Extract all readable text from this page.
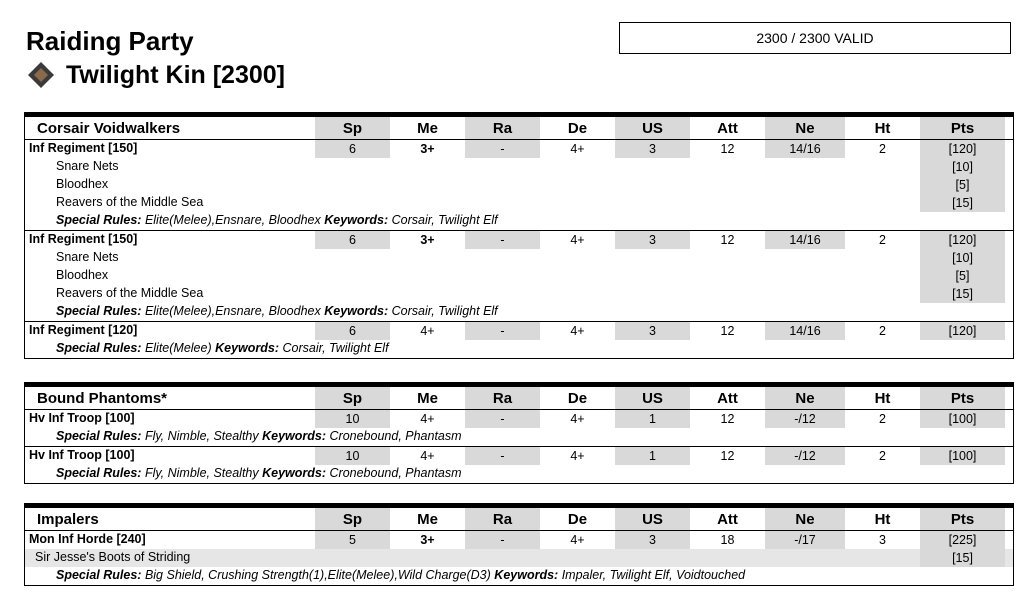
Raiding Party
Twilight Kin [2300]
2300 / 2300 VALID
Corsair Voidwalkers	Sp	Me	Ra	De	US	Att	Ne	Ht	Pts
Inf Regiment [150]	6	3+	-	4+	3	12	14/16	2	[120]
Snare Nets	[10]
Bloodhex	[5]
Reavers of the Middle Sea	[15]
Special Rules: Elite(Melee),Ensnare, Bloodhex Keywords: Corsair, Twilight Elf
Inf Regiment [150]	6	3+	-	4+	3	12	14/16	2	[120]
Snare Nets	[10]
Bloodhex	[5]
Reavers of the Middle Sea	[15]
Special Rules: Elite(Melee),Ensnare, Bloodhex Keywords: Corsair, Twilight Elf
Inf Regiment [120]	6	4+	-	4+	3	12	14/16	2	[120]
Special Rules: Elite(Melee) Keywords: Corsair, Twilight Elf
Bound Phantoms*	Sp	Me	Ra	De	US	Att	Ne	Ht	Pts
Hv Inf Troop [100]	10	4+	-	4+	1	12	-/12	2	[100]
Special Rules: Fly, Nimble, Stealthy Keywords: Cronebound, Phantasm
Hv Inf Troop [100]	10	4+	-	4+	1	12	-/12	2	[100]
Special Rules: Fly, Nimble, Stealthy Keywords: Cronebound, Phantasm
Impalers	Sp	Me	Ra	De	US	Att	Ne	Ht	Pts
Mon Inf Horde [240]	5	3+	-	4+	3	18	-/17	3	[225]
Sir Jesse's Boots of Striding	[15]
Special Rules: Big Shield, Crushing Strength(1),Elite(Melee),Wild Charge(D3) Keywords: Impaler, Twilight Elf, Voidtouched
